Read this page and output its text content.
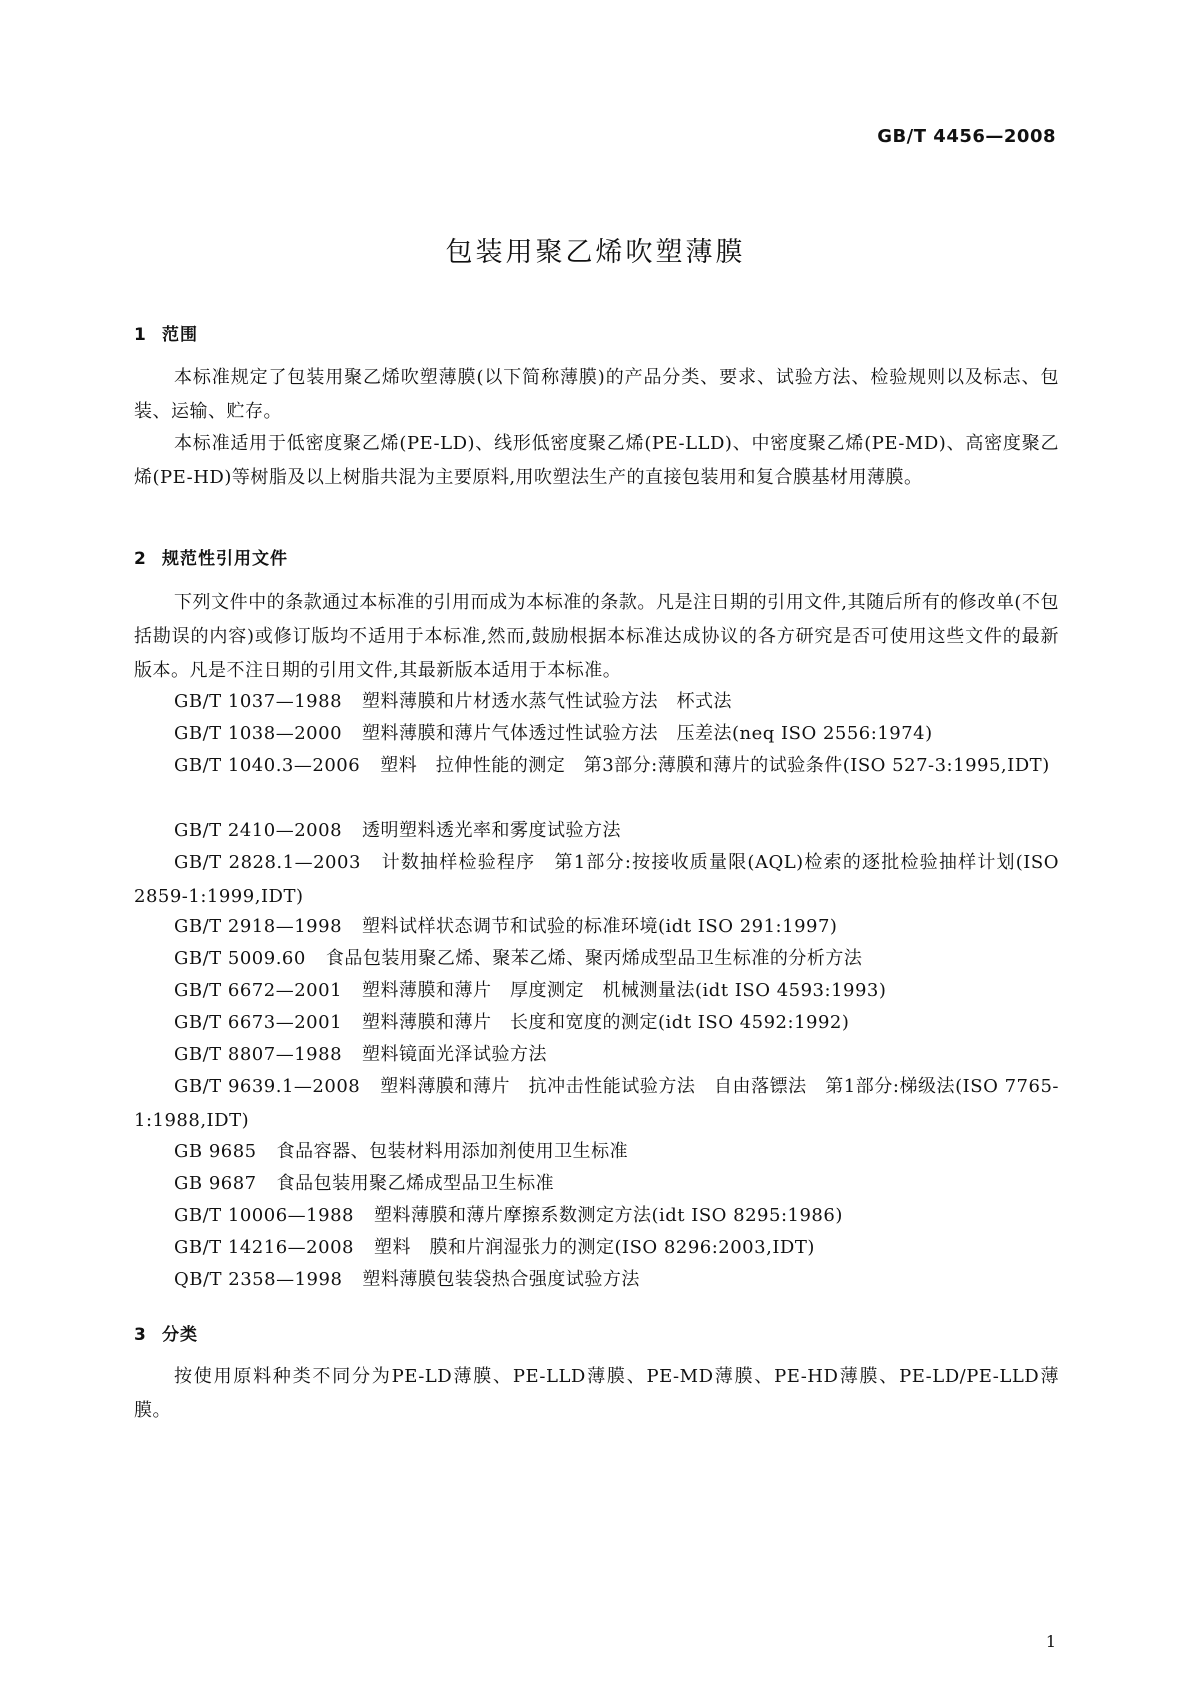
GB/T 4456—2008
包装用聚乙烯吹塑薄膜
1 范围
本标准规定了包装用聚乙烯吹塑薄膜(以下简称薄膜)的产品分类、要求、试验方法、检验规则以及标志、包装、运输、贮存。
本标准适用于低密度聚乙烯(PE-LD)、线形低密度聚乙烯(PE-LLD)、中密度聚乙烯(PE-MD)、高密度聚乙烯(PE-HD)等树脂及以上树脂共混为主要原料,用吹塑法生产的直接包装用和复合膜基材用薄膜。
2 规范性引用文件
下列文件中的条款通过本标准的引用而成为本标准的条款。凡是注日期的引用文件,其随后所有的修改单(不包括勘误的内容)或修订版均不适用于本标准,然而,鼓励根据本标准达成协议的各方研究是否可使用这些文件的最新版本。凡是不注日期的引用文件,其最新版本适用于本标准。
GB/T 1037—1988 塑料薄膜和片材透水蒸气性试验方法　杯式法
GB/T 1038—2000 塑料薄膜和薄片气体透过性试验方法　压差法(neq ISO 2556:1974)
GB/T 1040.3—2006 塑料　拉伸性能的测定　第3部分:薄膜和薄片的试验条件(ISO 527-3:1995,IDT)
GB/T 2410—2008 透明塑料透光率和雾度试验方法
GB/T 2828.1—2003 计数抽样检验程序　第1部分:按接收质量限(AQL)检索的逐批检验抽样计划(ISO 2859-1:1999,IDT)
GB/T 2918—1998 塑料试样状态调节和试验的标准环境(idt ISO 291:1997)
GB/T 5009.60 食品包装用聚乙烯、聚苯乙烯、聚丙烯成型品卫生标准的分析方法
GB/T 6672—2001 塑料薄膜和薄片　厚度测定　机械测量法(idt ISO 4593:1993)
GB/T 6673—2001 塑料薄膜和薄片　长度和宽度的测定(idt ISO 4592:1992)
GB/T 8807—1988 塑料镜面光泽试验方法
GB/T 9639.1—2008 塑料薄膜和薄片　抗冲击性能试验方法　自由落镖法　第1部分:梯级法(ISO 7765-1:1988,IDT)
GB 9685 食品容器、包装材料用添加剂使用卫生标准
GB 9687 食品包装用聚乙烯成型品卫生标准
GB/T 10006—1988 塑料薄膜和薄片摩擦系数测定方法(idt ISO 8295:1986)
GB/T 14216—2008 塑料　膜和片润湿张力的测定(ISO 8296:2003,IDT)
QB/T 2358—1998 塑料薄膜包装袋热合强度试验方法
3 分类
按使用原料种类不同分为PE-LD薄膜、PE-LLD薄膜、PE-MD薄膜、PE-HD薄膜、PE-LD/PE-LLD薄膜。
1
